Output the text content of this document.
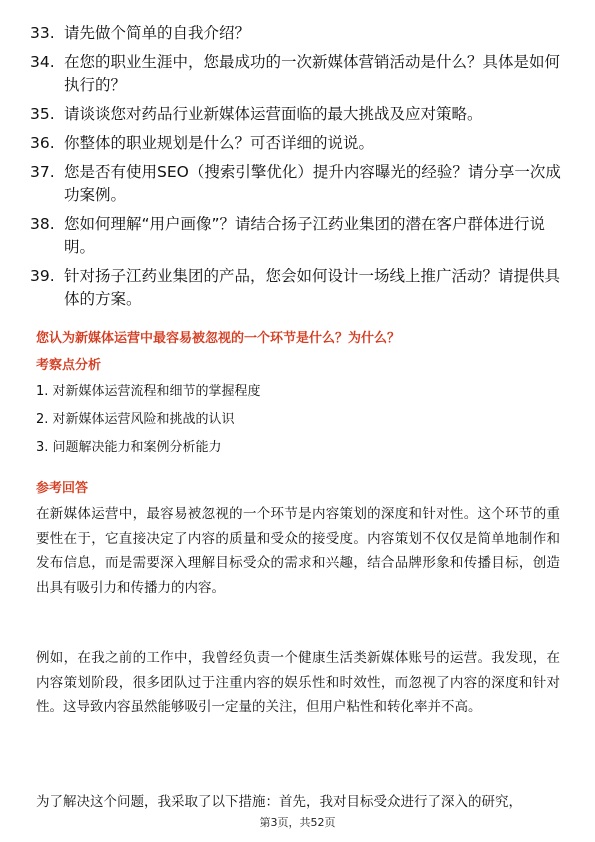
33. 请先做个简单的自我介绍？
34. 在您的职业生涯中，您最成功的一次新媒体营销活动是什么？具体是如何执行的？
35. 请谈谈您对药品行业新媒体运营面临的最大挑战及应对策略。
36. 你整体的职业规划是什么？可否详细的说说。
37. 您是否有使用SEO（搜索引擎优化）提升内容曝光的经验？请分享一次成功案例。
38. 您如何理解“用户画像”？请结合扬子江药业集团的潜在客户群体进行说明。
39. 针对扬子江药业集团的产品，您会如何设计一场线上推广活动？请提供具体的方案。
您认为新媒体运营中最容易被忽视的一个环节是什么？为什么？
考察点分析
1. 对新媒体运营流程和细节的掌握程度
2. 对新媒体运营风险和挑战的认识
3. 问题解决能力和案例分析能力
参考回答

在新媒体运营中，最容易被忽视的一个环节是内容策划的深度和针对性。这个环节的重要性在于，它直接决定了内容的质量和受众的接受度。内容策划不仅仅是简单地制作和发布信息，而是需要深入理解目标受众的需求和兴趣，结合品牌形象和传播目标，创造出具有吸引力和传播力的内容。

例如，在我之前的工作中，我曾经负责一个健康生活类新媒体账号的运营。我发现，在内容策划阶段，很多团队过于注重内容的娱乐性和时效性，而忽视了内容的深度和针对性。这导致内容虽然能够吸引一定量的关注，但用户粘性和转化率并不高。

为了解决这个问题，我采取了以下措施：首先，我对目标受众进行了深入的研究，

第3页，共52页
